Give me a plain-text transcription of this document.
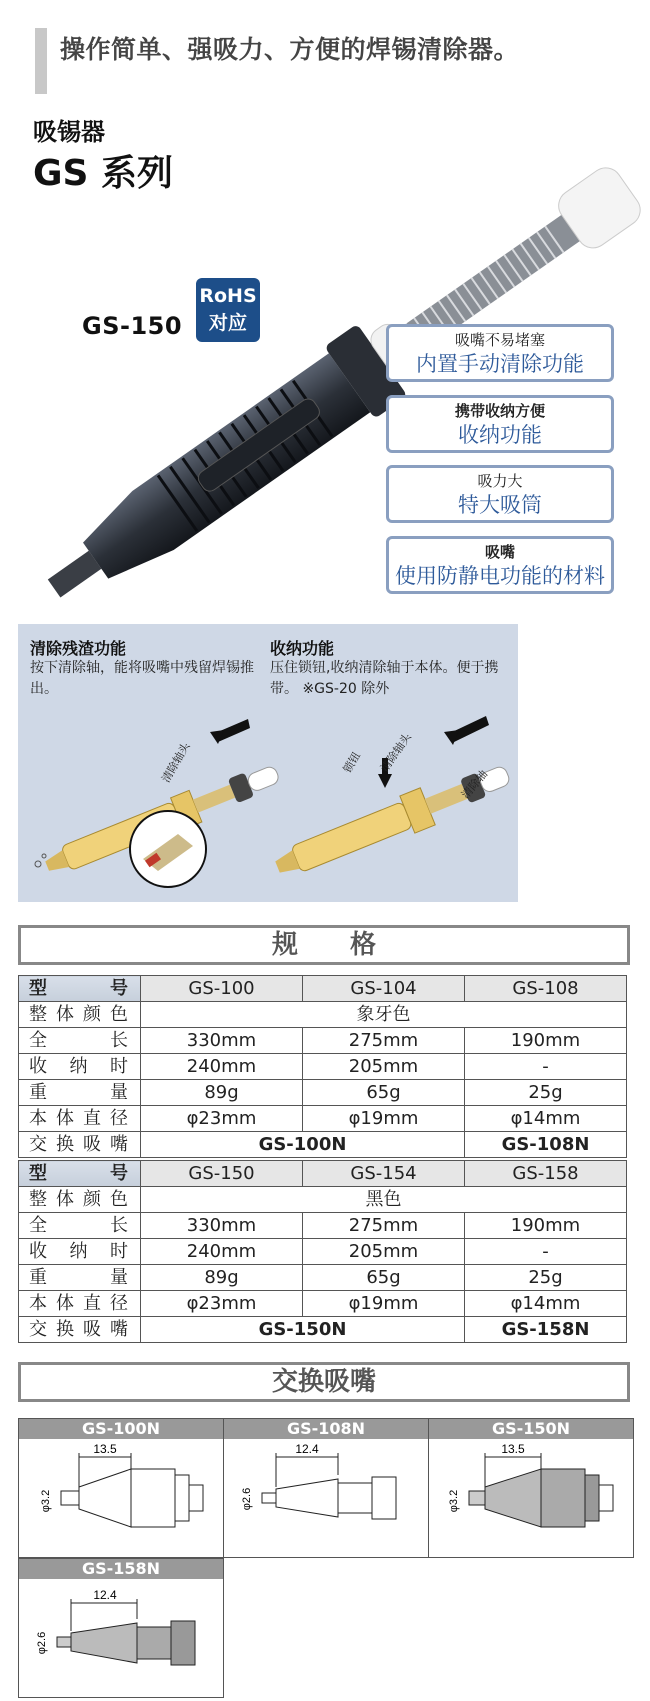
操作简单、强吸力、方便的焊锡清除器。
吸锡器
GS 系列
GS-150
RoHS
对应
吸嘴不易堵塞
内置手动清除功能
携带收纳方便
收纳功能
吸力大
特大吸筒
吸嘴
使用防静电功能的材料
清除残渣功能
按下清除轴，能将吸嘴中残留焊锡推出。
收纳功能
压住锁钮,收纳清除轴于本体。便于携带。 ※GS-20 除外
清除轴头	锁钮	清除轴头
清除轴
规　　格
型　　号	GS-100	GS-104	GS-108
整体颜色	象牙色		
全　　长	330mm	275mm	190mm
收　纳　时	240mm	205mm	-
重　　量	89g	65g	25g
本体直径	φ23mm	φ19mm	φ14mm
交换吸嘴	GS-100N		GS-108N
型　　号	GS-150	GS-154	GS-158
整体颜色	黑色		
全　　长	330mm	275mm	190mm
收　纳　时	240mm	205mm	-
重　　量	89g	65g	25g
本体直径	φ23mm	φ19mm	φ14mm
交换吸嘴	GS-150N		GS-158N
交换吸嘴
GS-100N
13.5
φ3.2
GS-108N
12.4
φ2.6
GS-150N
13.5
φ3.2
GS-158N
12.4
φ2.6
